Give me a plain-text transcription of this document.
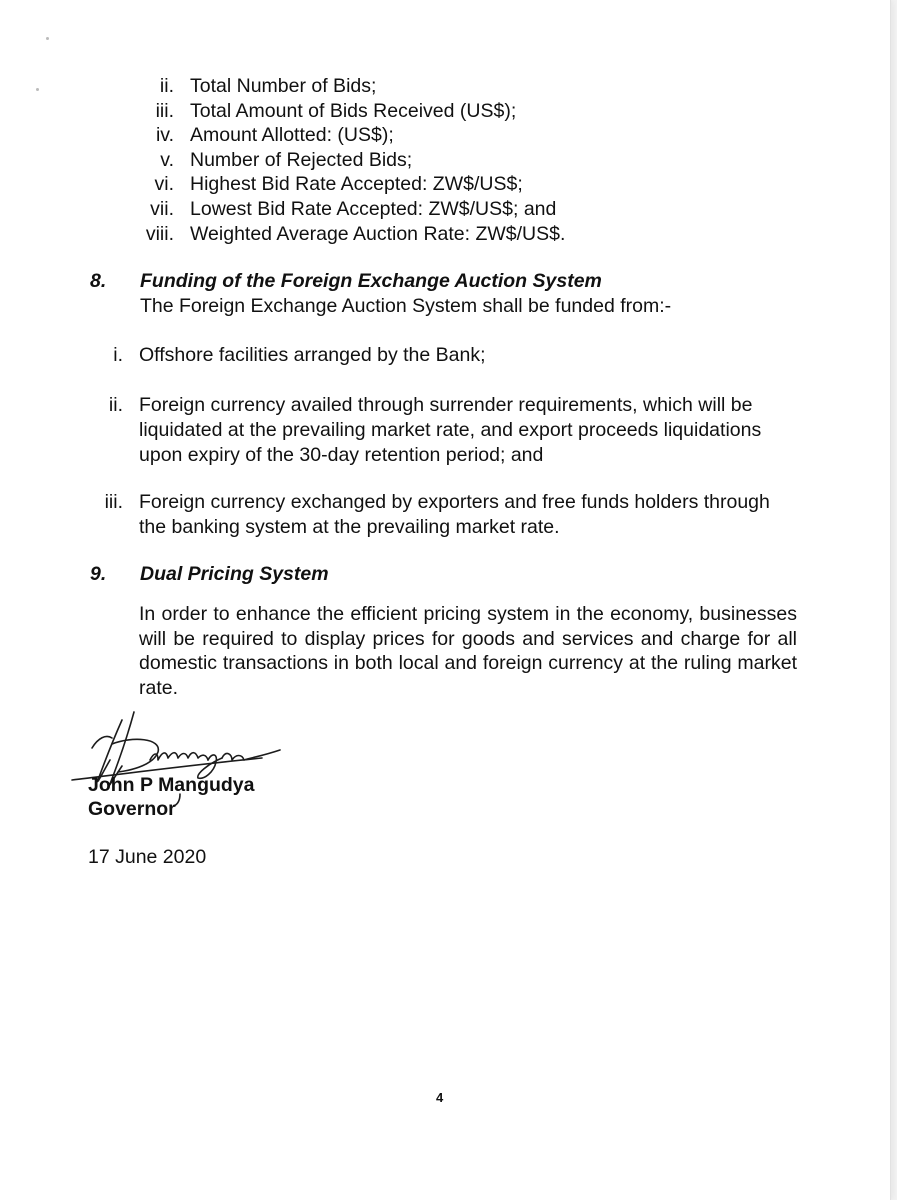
ii. Total Number of Bids;
iii. Total Amount of Bids Received (US$);
iv. Amount Allotted: (US$);
v. Number of Rejected Bids;
vi. Highest Bid Rate Accepted: ZW$/US$;
vii. Lowest Bid Rate Accepted: ZW$/US$; and
viii. Weighted Average Auction Rate: ZW$/US$.
8. Funding of the Foreign Exchange Auction System
The Foreign Exchange Auction System shall be funded from:-
i. Offshore facilities arranged by the Bank;
ii. Foreign currency availed through surrender requirements, which will be liquidated at the prevailing market rate, and export proceeds liquidations upon expiry of the 30-day retention period; and
iii. Foreign currency exchanged by exporters and free funds holders through the banking system at the prevailing market rate.
9. Dual Pricing System
In order to enhance the efficient pricing system in the economy, businesses will be required to display prices for goods and services and charge for all domestic transactions in both local and foreign currency at the ruling market rate.
John P Mangudya
Governor
17 June 2020
4
